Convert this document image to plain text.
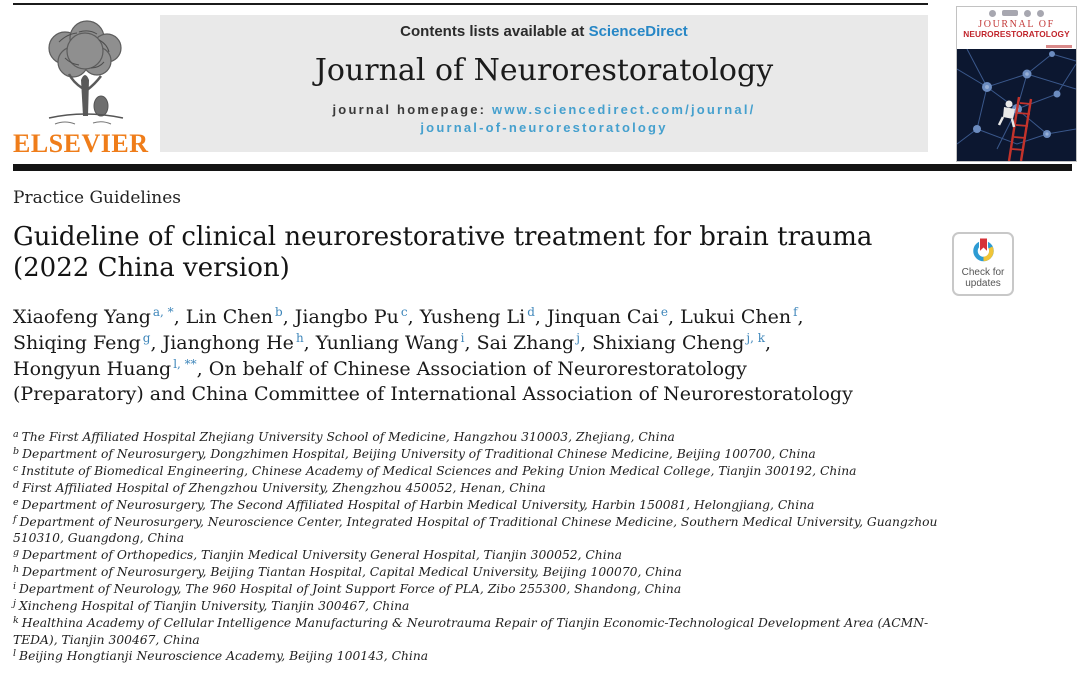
ELSEVIER
Contents lists available at ScienceDirect
Journal of Neurorestoratology
journal homepage: www.sciencedirect.com/journal/
journal-of-neurorestoratology
JOURNAL OF
NEURORESTORATOLOGY
Practice Guidelines
Guideline of clinical neurorestorative treatment for brain trauma
(2022 China version)	Check for
updates
Xiaofeng Yang $^{a, *}$, Lin Chen $^b$, Jiangbo Pu $^c$, Yusheng Li $^d$, Jinquan Cai $^e$, Lukui Chen $^f$,
Shiqing Feng $^g$, Jianghong He $^h$, Yunliang Wang $^i$, Sai Zhang $^j$, Shixiang Cheng $^{j, k}$,
Hongyun Huang $^{l, **}$, On behalf of Chinese Association of Neurorestoratology
(Preparatory) and China Committee of International Association of Neurorestoratology
$^a$ The First Affiliated Hospital Zhejiang University School of Medicine, Hangzhou 310003, Zhejiang, China
$^b$ Department of Neurosurgery, Dongzhimen Hospital, Beijing University of Traditional Chinese Medicine, Beijing 100700, China
$^c$ Institute of Biomedical Engineering, Chinese Academy of Medical Sciences and Peking Union Medical College, Tianjin 300192, China
$^d$ First Affiliated Hospital of Zhengzhou University, Zhengzhou 450052, Henan, China
$^e$ Department of Neurosurgery, The Second Affiliated Hospital of Harbin Medical University, Harbin 150081, Helongjiang, China
$^f$ Department of Neurosurgery, Neuroscience Center, Integrated Hospital of Traditional Chinese Medicine, Southern Medical University, Guangzhou 510310, Guangdong, China
$^g$ Department of Orthopedics, Tianjin Medical University General Hospital, Tianjin 300052, China
$^h$ Department of Neurosurgery, Beijing Tiantan Hospital, Capital Medical University, Beijing 100070, China
$^i$ Department of Neurology, The 960 Hospital of Joint Support Force of PLA, Zibo 255300, Shandong, China
$^j$ Xincheng Hospital of Tianjin University, Tianjin 300467, China
$^k$ Healthina Academy of Cellular Intelligence Manufacturing & Neurotrauma Repair of Tianjin Economic-Technological Development Area (ACMN-TEDA), Tianjin 300467, China
$^l$ Beijing Hongtianji Neuroscience Academy, Beijing 100143, China
